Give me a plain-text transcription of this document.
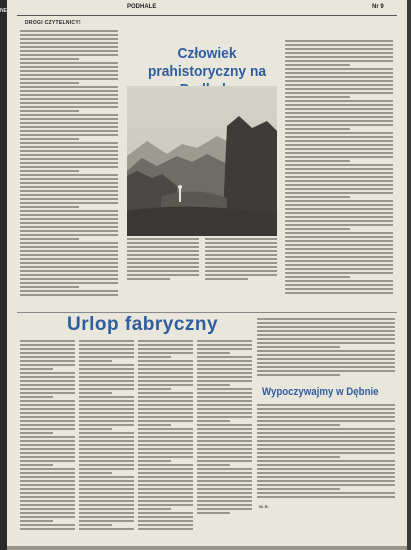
NE
PODHALE	Nr 9
DROGI CZYTELNICY!
Człowiek prahistoryczny na
Urlop fabryczny
Wypoczywajmy w Dębnie
W. R.
